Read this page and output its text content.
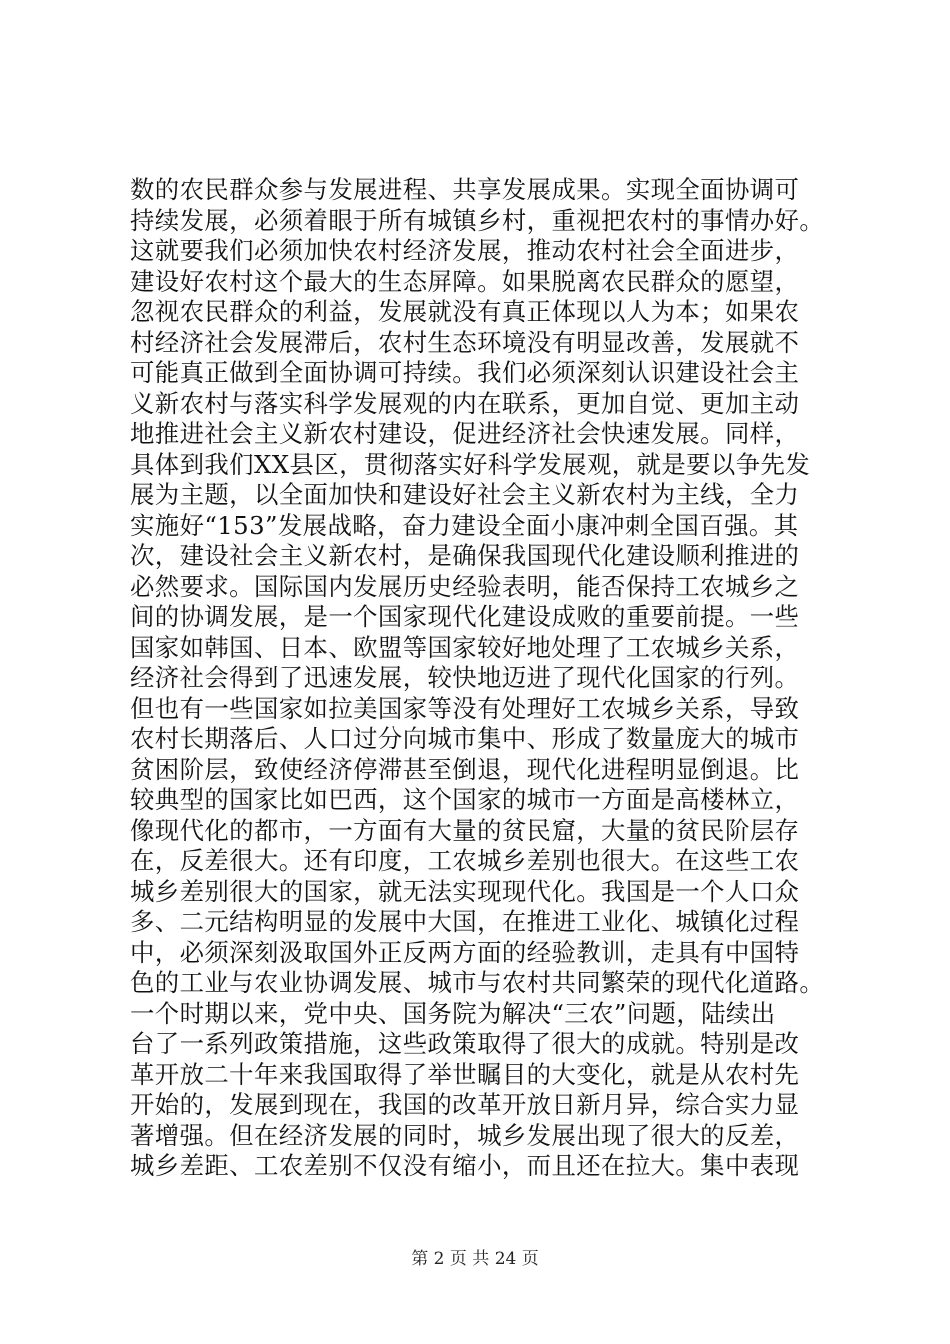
数的农民群众参与发展进程、共享发展成果。实现全面协调可
持续发展，必须着眼于所有城镇乡村，重视把农村的事情办好。
这就要我们必须加快农村经济发展，推动农村社会全面进步，
建设好农村这个最大的生态屏障。如果脱离农民群众的愿望，
忽视农民群众的利益，发展就没有真正体现以人为本；如果农
村经济社会发展滞后，农村生态环境没有明显改善，发展就不
可能真正做到全面协调可持续。我们必须深刻认识建设社会主
义新农村与落实科学发展观的内在联系，更加自觉、更加主动
地推进社会主义新农村建设，促进经济社会快速发展。同样，
具体到我们XX县区，贯彻落实好科学发展观，就是要以争先发
展为主题，以全面加快和建设好社会主义新农村为主线，全力
实施好“153”发展战略，奋力建设全面小康冲刺全国百强。其
次，建设社会主义新农村，是确保我国现代化建设顺利推进的
必然要求。国际国内发展历史经验表明，能否保持工农城乡之
间的协调发展，是一个国家现代化建设成败的重要前提。一些
国家如韩国、日本、欧盟等国家较好地处理了工农城乡关系，
经济社会得到了迅速发展，较快地迈进了现代化国家的行列。
但也有一些国家如拉美国家等没有处理好工农城乡关系，导致
农村长期落后、人口过分向城市集中、形成了数量庞大的城市
贫困阶层，致使经济停滞甚至倒退，现代化进程明显倒退。比
较典型的国家比如巴西，这个国家的城市一方面是高楼林立，
像现代化的都市，一方面有大量的贫民窟，大量的贫民阶层存
在，反差很大。还有印度，工农城乡差别也很大。在这些工农
城乡差别很大的国家，就无法实现现代化。我国是一个人口众
多、二元结构明显的发展中大国，在推进工业化、城镇化过程
中，必须深刻汲取国外正反两方面的经验教训，走具有中国特
色的工业与农业协调发展、城市与农村共同繁荣的现代化道路。
一个时期以来，党中央、国务院为解决“三农”问题，陆续出
台了一系列政策措施，这些政策取得了很大的成就。特别是改
革开放二十年来我国取得了举世瞩目的大变化，就是从农村先
开始的，发展到现在，我国的改革开放日新月异，综合实力显
著增强。但在经济发展的同时，城乡发展出现了很大的反差，
城乡差距、工农差别不仅没有缩小，而且还在拉大。集中表现
第 2 页 共 24 页
